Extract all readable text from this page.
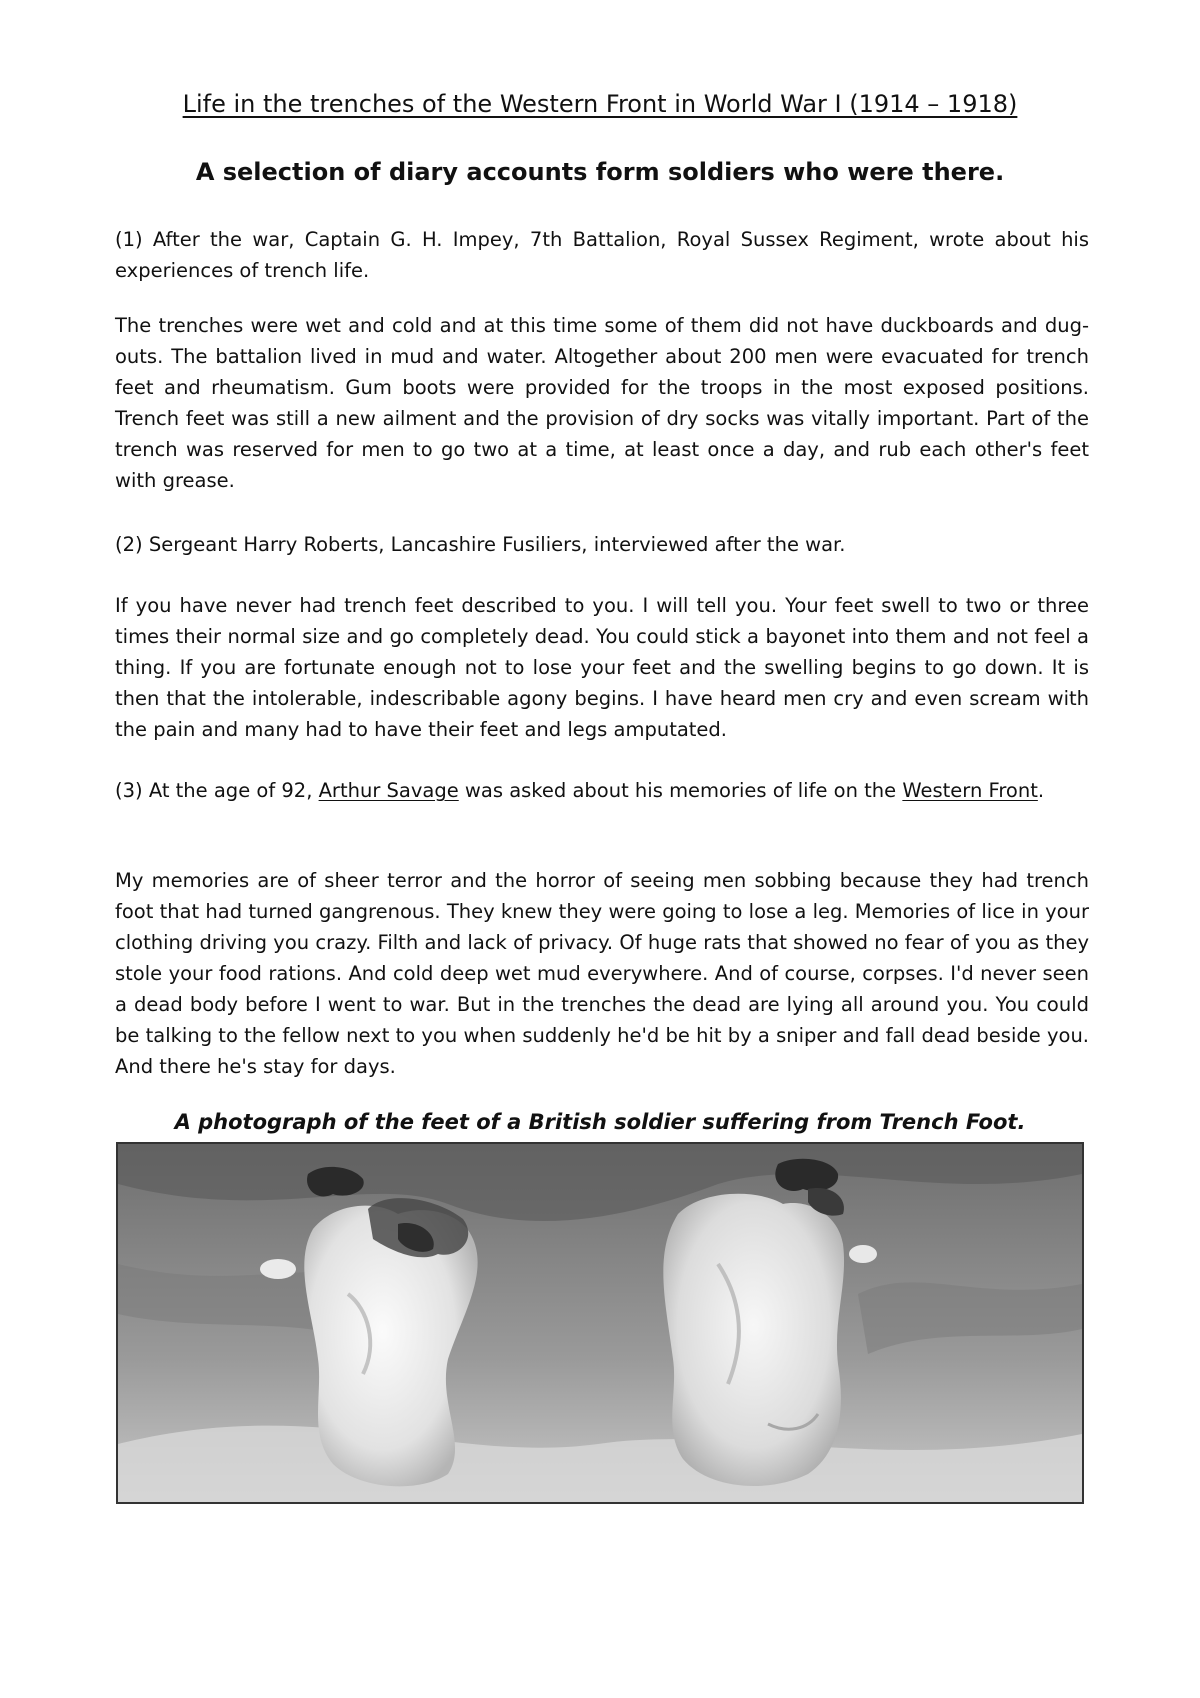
Life in the trenches of the Western Front in World War I (1914 – 1918)
A selection of diary accounts form soldiers who were there.

(1) After the war, Captain G. H. Impey, 7th Battalion, Royal Sussex Regiment, wrote about his experiences of trench life.

The trenches were wet and cold and at this time some of them did not have duckboards and dug-outs. The battalion lived in mud and water. Altogether about 200 men were evacuated for trench feet and rheumatism. Gum boots were provided for the troops in the most exposed positions. Trench feet was still a new ailment and the provision of dry socks was vitally important. Part of the trench was reserved for men to go two at a time, at least once a day, and rub each other's feet with grease.

(2) Sergeant Harry Roberts, Lancashire Fusiliers, interviewed after the war.

If you have never had trench feet described to you. I will tell you. Your feet swell to two or three times their normal size and go completely dead. You could stick a bayonet into them and not feel a thing. If you are fortunate enough not to lose your feet and the swelling begins to go down. It is then that the intolerable, indescribable agony begins. I have heard men cry and even scream with the pain and many had to have their feet and legs amputated.

(3) At the age of 92, Arthur Savage was asked about his memories of life on the Western Front.

My memories are of sheer terror and the horror of seeing men sobbing because they had trench foot that had turned gangrenous. They knew they were going to lose a leg. Memories of lice in your clothing driving you crazy. Filth and lack of privacy. Of huge rats that showed no fear of you as they stole your food rations. And cold deep wet mud everywhere. And of course, corpses. I'd never seen a dead body before I went to war. But in the trenches the dead are lying all around you. You could be talking to the fellow next to you when suddenly he'd be hit by a sniper and fall dead beside you. And there he's stay for days.

A photograph of the feet of a British soldier suffering from Trench Foot.
